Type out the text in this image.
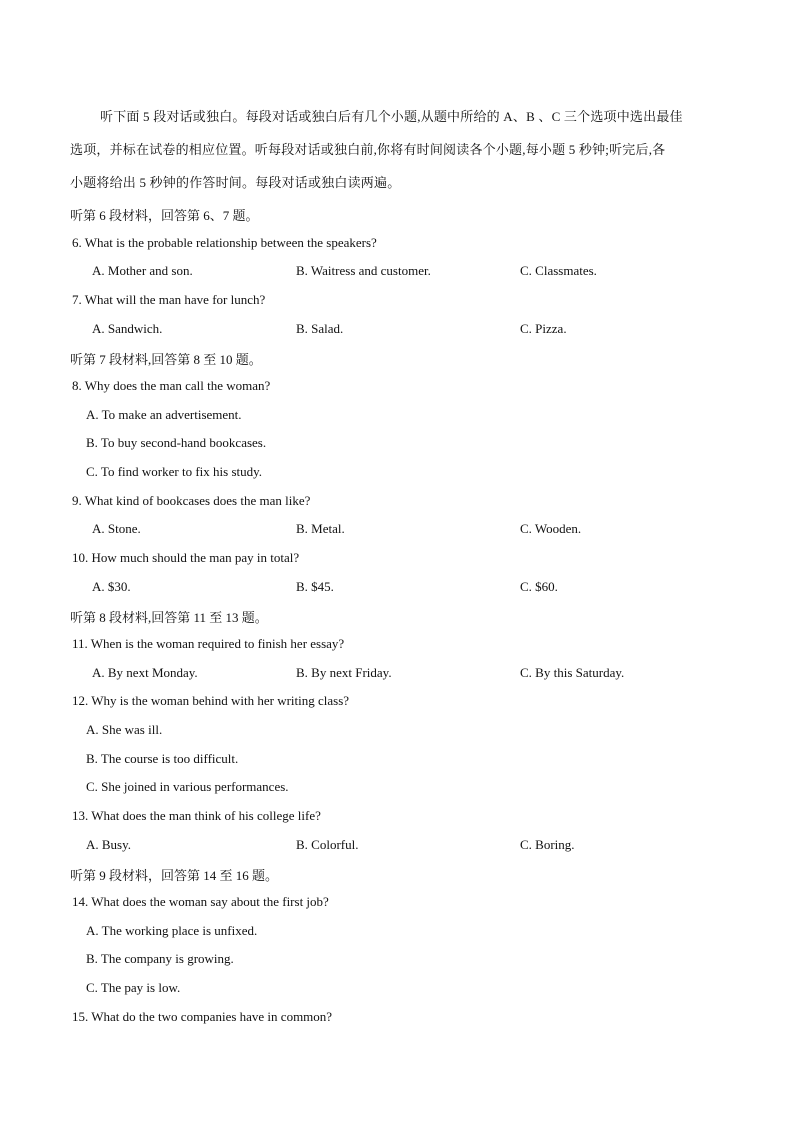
听下面 5 段对话或独白。每段对话或独白后有几个小题,从题中所给的 A、B 、C 三个选项中选出最佳
选项，并标在试卷的相应位置。听每段对话或独白前,你将有时间阅读各个小题,每小题 5 秒钟;听完后,各
小题将给出 5 秒钟的作答时间。每段对话或独白读两遍。
听第 6 段材料，回答第 6、7 题。
6. What is the probable relationship between the speakers?
A. Mother and son.	B. Waitress and customer.	C. Classmates.
7. What will the man have for lunch?
A. Sandwich.	B. Salad.	C. Pizza.
听第 7 段材料,回答第 8 至 10 题。
8. Why does the man call the woman?
A. To make an advertisement.
B. To buy second-hand bookcases.
C. To find worker to fix his study.
9. What kind of bookcases does the man like?
A. Stone.	B. Metal.	C. Wooden.
10. How much should the man pay in total?
A. $30.	B. $45.	C. $60.
听第 8 段材料,回答第 11 至 13 题。
11. When is the woman required to finish her essay?
A. By next Monday.	B. By next Friday.	C. By this Saturday.
12. Why is the woman behind with her writing class?
A. She was ill.
B. The course is too difficult.
C. She joined in various performances.
13. What does the man think of his college life?
A. Busy.	B. Colorful.	C. Boring.
听第 9 段材料，回答第 14 至 16 题。
14. What does the woman say about the first job?
A. The working place is unfixed.
B. The company is growing.
C. The pay is low.
15. What do the two companies have in common?
